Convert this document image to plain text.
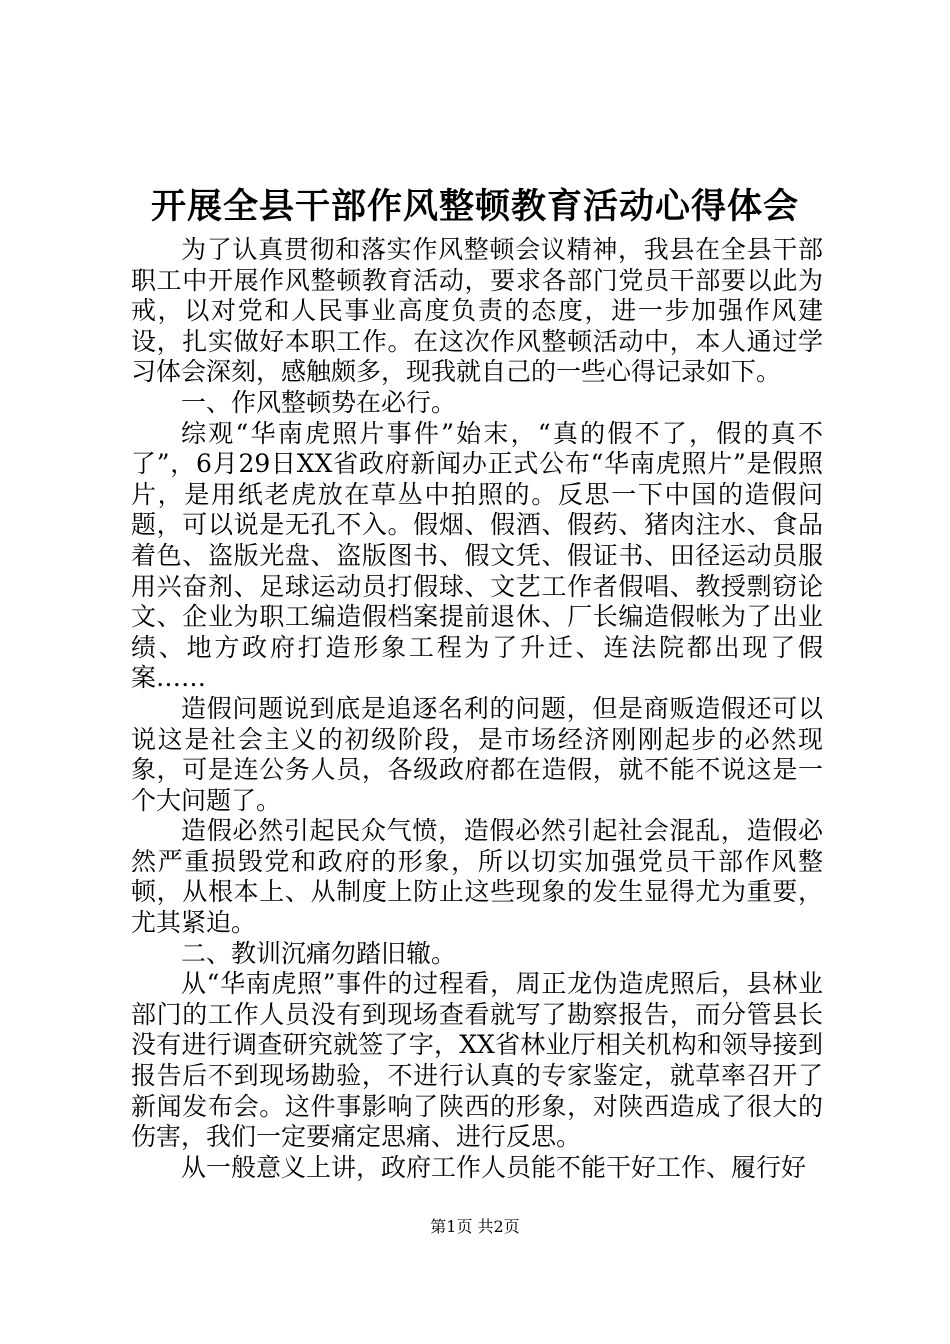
开展全县干部作风整顿教育活动心得体会

为了认真贯彻和落实作风整顿会议精神，我县在全县干部职工中开展作风整顿教育活动，要求各部门党员干部要以此为戒，以对党和人民事业高度负责的态度，进一步加强作风建设，扎实做好本职工作。在这次作风整顿活动中，本人通过学习体会深刻，感触颇多，现我就自己的一些心得记录如下。

一、作风整顿势在必行。

综观“华南虎照片事件”始末，“真的假不了，假的真不了”，6月29日XX省政府新闻办正式公布“华南虎照片”是假照片，是用纸老虎放在草丛中拍照的。反思一下中国的造假问题，可以说是无孔不入。假烟、假酒、假药、猪肉注水、食品着色、盗版光盘、盗版图书、假文凭、假证书、田径运动员服用兴奋剂、足球运动员打假球、文艺工作者假唱、教授剽窃论文、企业为职工编造假档案提前退休、厂长编造假帐为了出业绩、地方政府打造形象工程为了升迁、连法院都出现了假案……

造假问题说到底是追逐名利的问题，但是商贩造假还可以说这是社会主义的初级阶段，是市场经济刚刚起步的必然现象，可是连公务人员，各级政府都在造假，就不能不说这是一个大问题了。

造假必然引起民众气愤，造假必然引起社会混乱，造假必然严重损毁党和政府的形象，所以切实加强党员干部作风整顿，从根本上、从制度上防止这些现象的发生显得尤为重要，尤其紧迫。

二、教训沉痛勿踏旧辙。

从“华南虎照”事件的过程看，周正龙伪造虎照后，县林业部门的工作人员没有到现场查看就写了勘察报告，而分管县长没有进行调查研究就签了字，XX省林业厅相关机构和领导接到报告后不到现场勘验，不进行认真的专家鉴定，就草率召开了新闻发布会。这件事影响了陕西的形象，对陕西造成了很大的伤害，我们一定要痛定思痛、进行反思。

从一般意义上讲，政府工作人员能不能干好工作、履行好

第1页 共2页
